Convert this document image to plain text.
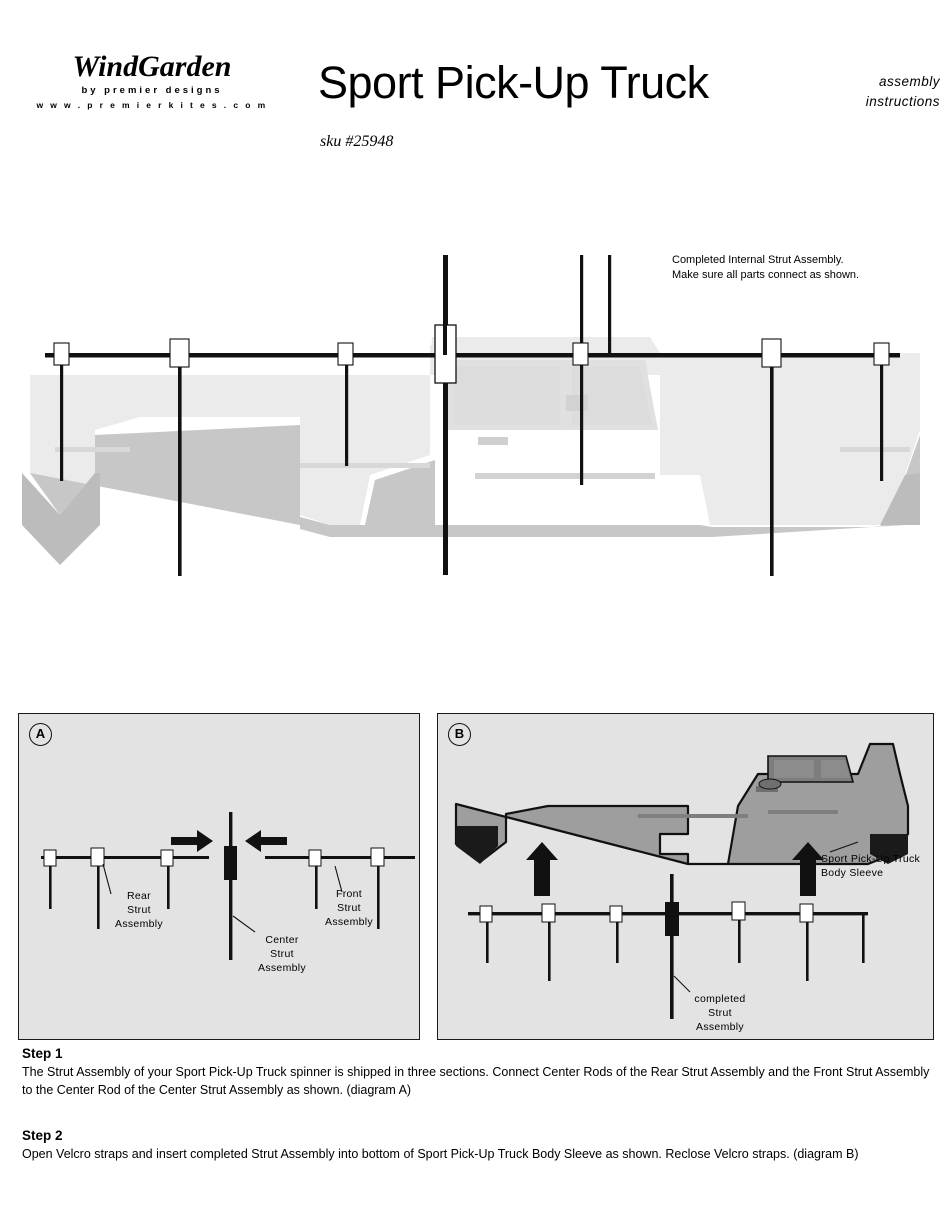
WindGarden
by premier designs
w w w . p r e m i e r k i t e s . c o m Sport Pick-Up Truck
sku #25948
assembly
instructions
Completed Internal Strut Assembly.
Make sure all parts connect as shown.
A
Rear
Strut
Assembly
Front
Strut
Assembly
Center
Strut
Assembly
B
Sport Pick-Up Truck
Body Sleeve
completed
Strut
Assembly

Step 1

The Strut Assembly of your Sport Pick-Up Truck spinner is shipped in three sections. Connect Center Rods of the Rear Strut Assembly and the Front Strut Assembly to the Center Rod of the Center Strut Assembly as shown. (diagram A)

Step 2

Open Velcro straps and insert completed Strut Assembly into bottom of Sport Pick-Up Truck Body Sleeve as shown. Reclose Velcro straps. (diagram B)
